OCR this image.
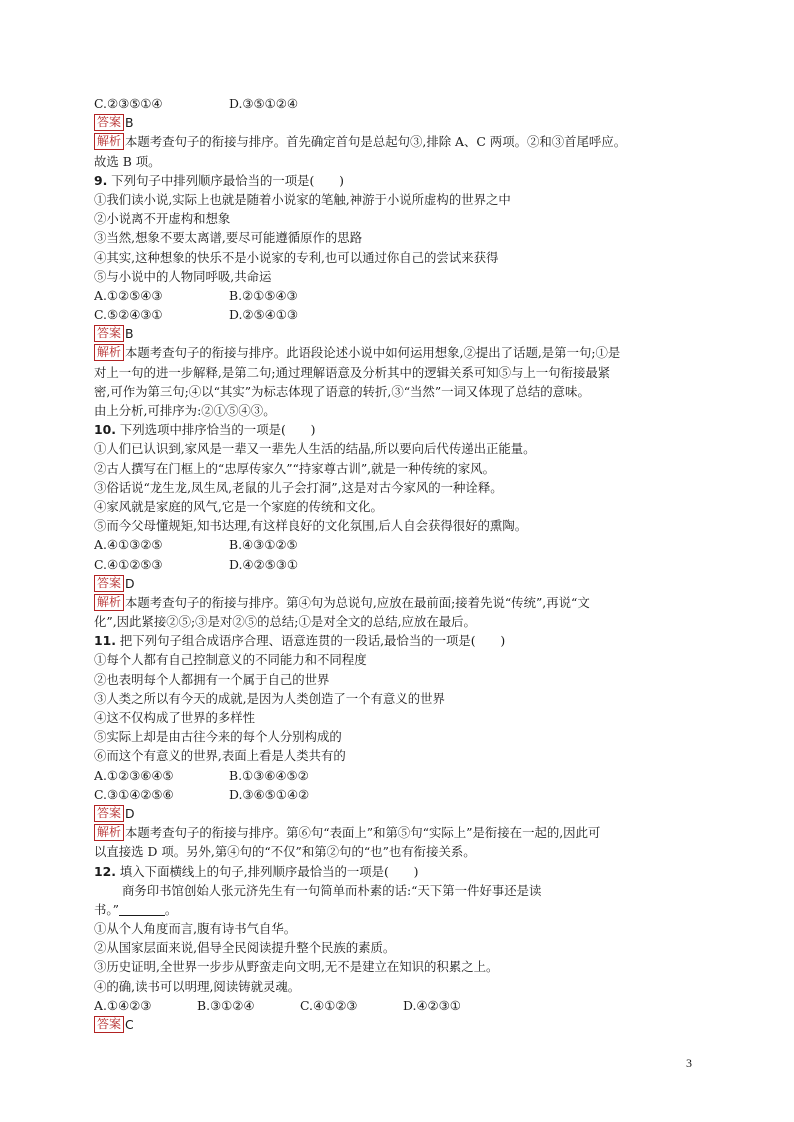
C.②③⑤①④	D.③⑤①②④
答案 B
解析 本题考查句子的衔接与排序。首先确定首句是总起句③,排除 A、C 两项。②和③首尾呼应。
故选 B 项。
9. 下列句子中排列顺序最恰当的一项是(　　)
①我们读小说,实际上也就是随着小说家的笔触,神游于小说所虚构的世界之中
②小说离不开虚构和想象
③当然,想象不要太离谱,要尽可能遵循原作的思路
④其实,这种想象的快乐不是小说家的专利,也可以通过你自己的尝试来获得
⑤与小说中的人物同呼吸,共命运
A.①②⑤④③	B.②①⑤④③
C.⑤②④③①	D.②⑤④①③
答案 B
解析 本题考查句子的衔接与排序。此语段论述小说中如何运用想象,②提出了话题,是第一句;①是
对上一句的进一步解释,是第二句;通过理解语意及分析其中的逻辑关系可知⑤与上一句衔接最紧
密,可作为第三句;④以“其实”为标志体现了语意的转折,③“当然”一词又体现了总结的意味。
由上分析,可排序为:②①⑤④③。
10. 下列选项中排序恰当的一项是(　　)
①人们已认识到,家风是一辈又一辈先人生活的结晶,所以要向后代传递出正能量。
②古人撰写在门框上的“忠厚传家久”“持家尊古训”,就是一种传统的家风。
③俗话说“龙生龙,凤生凤,老鼠的儿子会打洞”,这是对古今家风的一种诠释。
④家风就是家庭的风气,它是一个家庭的传统和文化。
⑤而今父母懂规矩,知书达理,有这样良好的文化氛围,后人自会获得很好的熏陶。
A.④①③②⑤	B.④③①②⑤
C.④①②⑤③	D.④②⑤③①
答案 D
解析 本题考查句子的衔接与排序。第④句为总说句,应放在最前面;接着先说“传统”,再说“文
化”,因此紧接②⑤;③是对②⑤的总结;①是对全文的总结,应放在最后。
11. 把下列句子组合成语序合理、语意连贯的一段话,最恰当的一项是(　　)
①每个人都有自己控制意义的不同能力和不同程度
②也表明每个人都拥有一个属于自己的世界
③人类之所以有今天的成就,是因为人类创造了一个有意义的世界
④这不仅构成了世界的多样性
⑤实际上却是由古往今来的每个人分别构成的
⑥而这个有意义的世界,表面上看是人类共有的
A.①②③⑥④⑤	B.①③⑥④⑤②
C.③①④②⑤⑥	D.③⑥⑤①④②
答案 D
解析 本题考查句子的衔接与排序。第⑥句“表面上”和第⑤句“实际上”是衔接在一起的,因此可
以直接选 D 项。另外,第④句的“不仅”和第②句的“也”也有衔接关系。
12. 填入下面横线上的句子,排列顺序最恰当的一项是(　　)
商务印书馆创始人张元济先生有一句简单而朴素的话:“天下第一件好事还是读
书。”	。
①从个人角度而言,腹有诗书气自华。
②从国家层面来说,倡导全民阅读提升整个民族的素质。
③历史证明,全世界一步步从野蛮走向文明,无不是建立在知识的积累之上。
④的确,读书可以明理,阅读铸就灵魂。
A.①④②③	B.③①②④	C.④①②③	D.④②③①
答案 C
3
